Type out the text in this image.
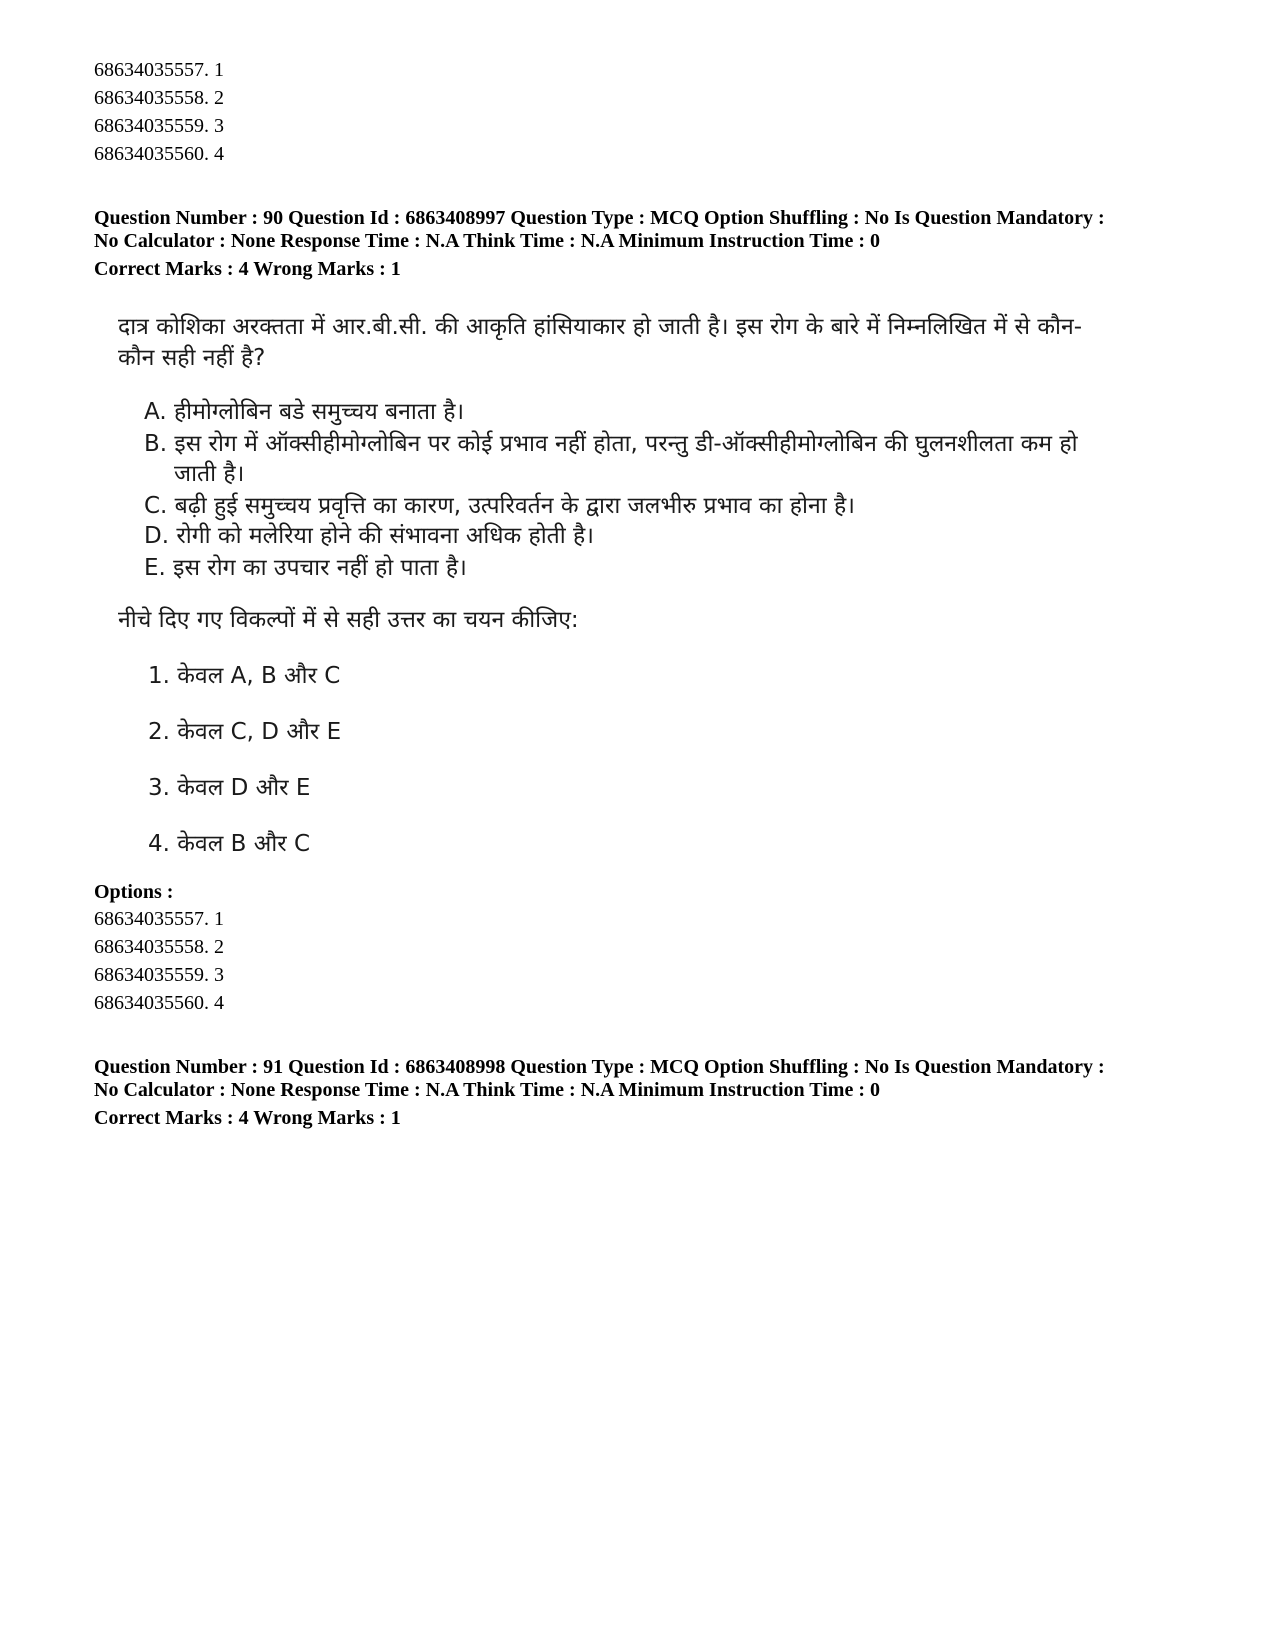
68634035557. 1
68634035558. 2
68634035559. 3
68634035560. 4
Question Number : 90 Question Id : 6863408997 Question Type : MCQ Option Shuffling : No Is Question Mandatory :
No Calculator : None Response Time : N.A Think Time : N.A Minimum Instruction Time : 0
Correct Marks : 4 Wrong Marks : 1
दात्र कोशिका अरक्तता में आर.बी.सी. की आकृति हांसियाकार हो जाती है। इस रोग के बारे में निम्नलिखित में से कौन-
कौन सही नहीं है?
A. हीमोग्लोबिन बडे समुच्चय बनाता है।
B. इस रोग में ऑक्सीहीमोग्लोबिन पर कोई प्रभाव नहीं होता, परन्तु डी-ऑक्सीहीमोग्लोबिन की घुलनशीलता कम हो
जाती है।
C. बढ़ी हुई समुच्चय प्रवृत्ति का कारण, उत्परिवर्तन के द्वारा जलभीरु प्रभाव का होना है।
D. रोगी को मलेरिया होने की संभावना अधिक होती है।
E. इस रोग का उपचार नहीं हो पाता है।
नीचे दिए गए विकल्पों में से सही उत्तर का चयन कीजिए:
1. केवल A, B और C
2. केवल C, D और E
3. केवल D और E
4. केवल B और C
Options :
68634035557. 1
68634035558. 2
68634035559. 3
68634035560. 4
Question Number : 91 Question Id : 6863408998 Question Type : MCQ Option Shuffling : No Is Question Mandatory :
No Calculator : None Response Time : N.A Think Time : N.A Minimum Instruction Time : 0
Correct Marks : 4 Wrong Marks : 1
